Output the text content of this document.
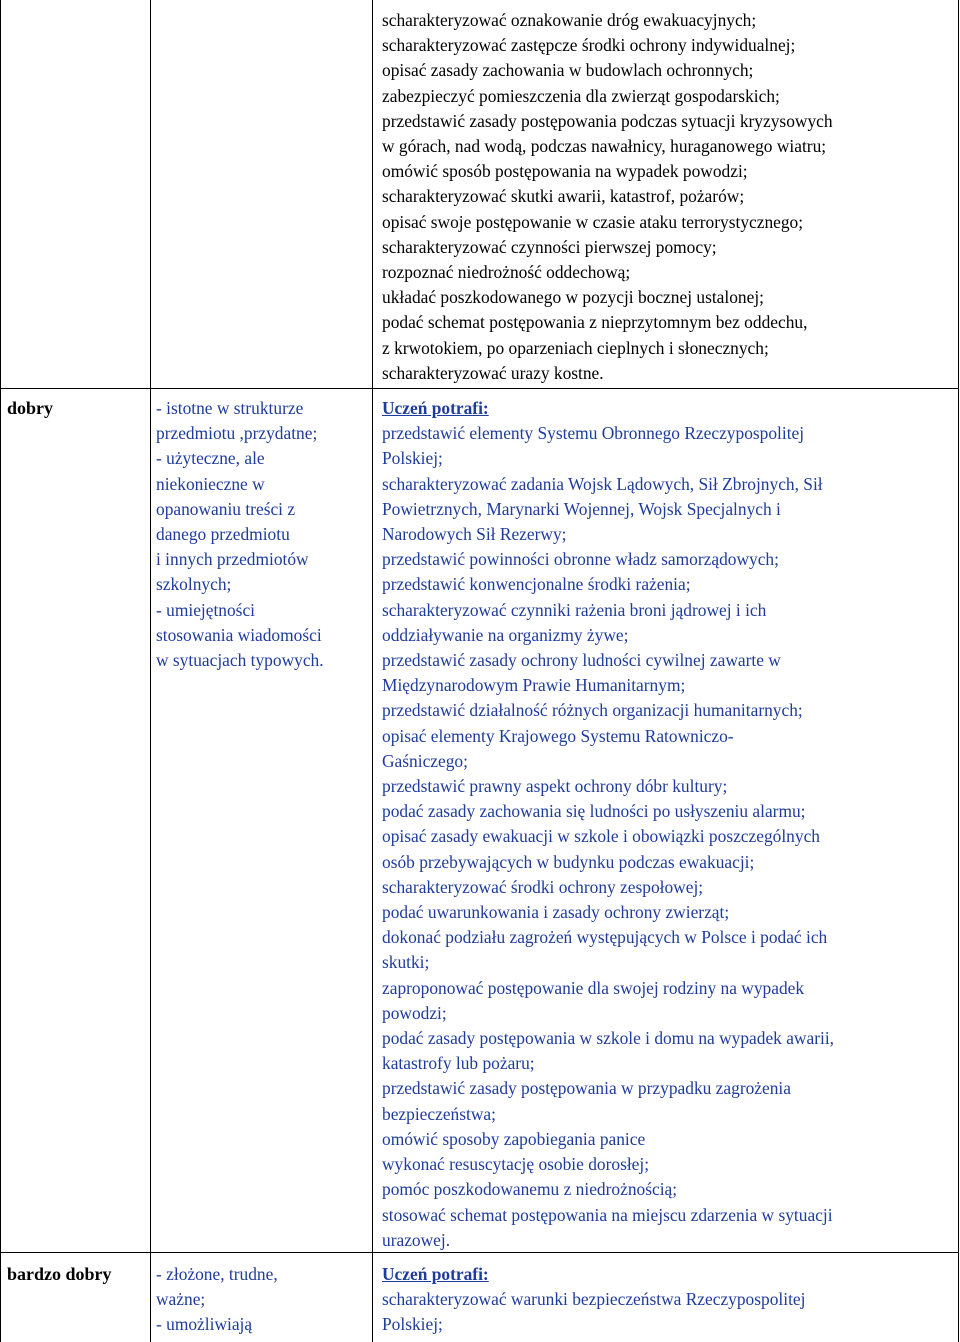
scharakteryzować oznakowanie dróg ewakuacyjnych;
scharakteryzować zastępcze środki ochrony indywidualnej;
opisać zasady zachowania w budowlach ochronnych;
zabezpieczyć pomieszczenia dla zwierząt gospodarskich;
przedstawić zasady postępowania podczas sytuacji kryzysowych
w górach, nad wodą, podczas nawałnicy, huraganowego wiatru;
omówić sposób postępowania na wypadek powodzi;
scharakteryzować skutki awarii, katastrof, pożarów;
opisać swoje postępowanie w czasie ataku terrorystycznego;
scharakteryzować czynności pierwszej pomocy;
rozpoznać niedrożność oddechową;
układać poszkodowanego w pozycji bocznej ustalonej;
podać schemat postępowania z nieprzytomnym bez oddechu,
z krwotokiem, po oparzeniach cieplnych i słonecznych;
scharakteryzować urazy kostne.
dobry	- istotne w strukturze
przedmiotu ,przydatne;
- użyteczne, ale
niekonieczne w
opanowaniu treści z
danego przedmiotu
i innych przedmiotów
szkolnych;
- umiejętności
stosowania wiadomości
w sytuacjach typowych.
Uczeń potrafi:
przedstawić elementy Systemu Obronnego Rzeczypospolitej
Polskiej;
scharakteryzować zadania Wojsk Lądowych, Sił Zbrojnych, Sił
Powietrznych, Marynarki Wojennej, Wojsk Specjalnych i
Narodowych Sił Rezerwy;
przedstawić powinności obronne władz samorządowych;
przedstawić konwencjonalne środki rażenia;
scharakteryzować czynniki rażenia broni jądrowej i ich
oddziaływanie na organizmy żywe;
przedstawić zasady ochrony ludności cywilnej zawarte w
Międzynarodowym Prawie Humanitarnym;
przedstawić działalność różnych organizacji humanitarnych;
opisać elementy Krajowego Systemu Ratowniczo-
Gaśniczego;
przedstawić prawny aspekt ochrony dóbr kultury;
podać zasady zachowania się ludności po usłyszeniu alarmu;
opisać zasady ewakuacji w szkole i obowiązki poszczególnych
osób przebywających w budynku podczas ewakuacji;
scharakteryzować środki ochrony zespołowej;
podać uwarunkowania i zasady ochrony zwierząt;
dokonać podziału zagrożeń występujących w Polsce i podać ich
skutki;
zaproponować postępowanie dla swojej rodziny na wypadek
powodzi;
podać zasady postępowania w szkole i domu na wypadek awarii,
katastrofy lub pożaru;
przedstawić zasady postępowania w przypadku zagrożenia
bezpieczeństwa;
omówić sposoby zapobiegania panice
wykonać resuscytację osobie dorosłej;
pomóc poszkodowanemu z niedrożnością;
stosować schemat postępowania na miejscu zdarzenia w sytuacji
urazowej.
bardzo dobry	- złożone, trudne,
ważne;
- umożliwiają
Uczeń potrafi:
scharakteryzować warunki bezpieczeństwa Rzeczypospolitej
Polskiej;
